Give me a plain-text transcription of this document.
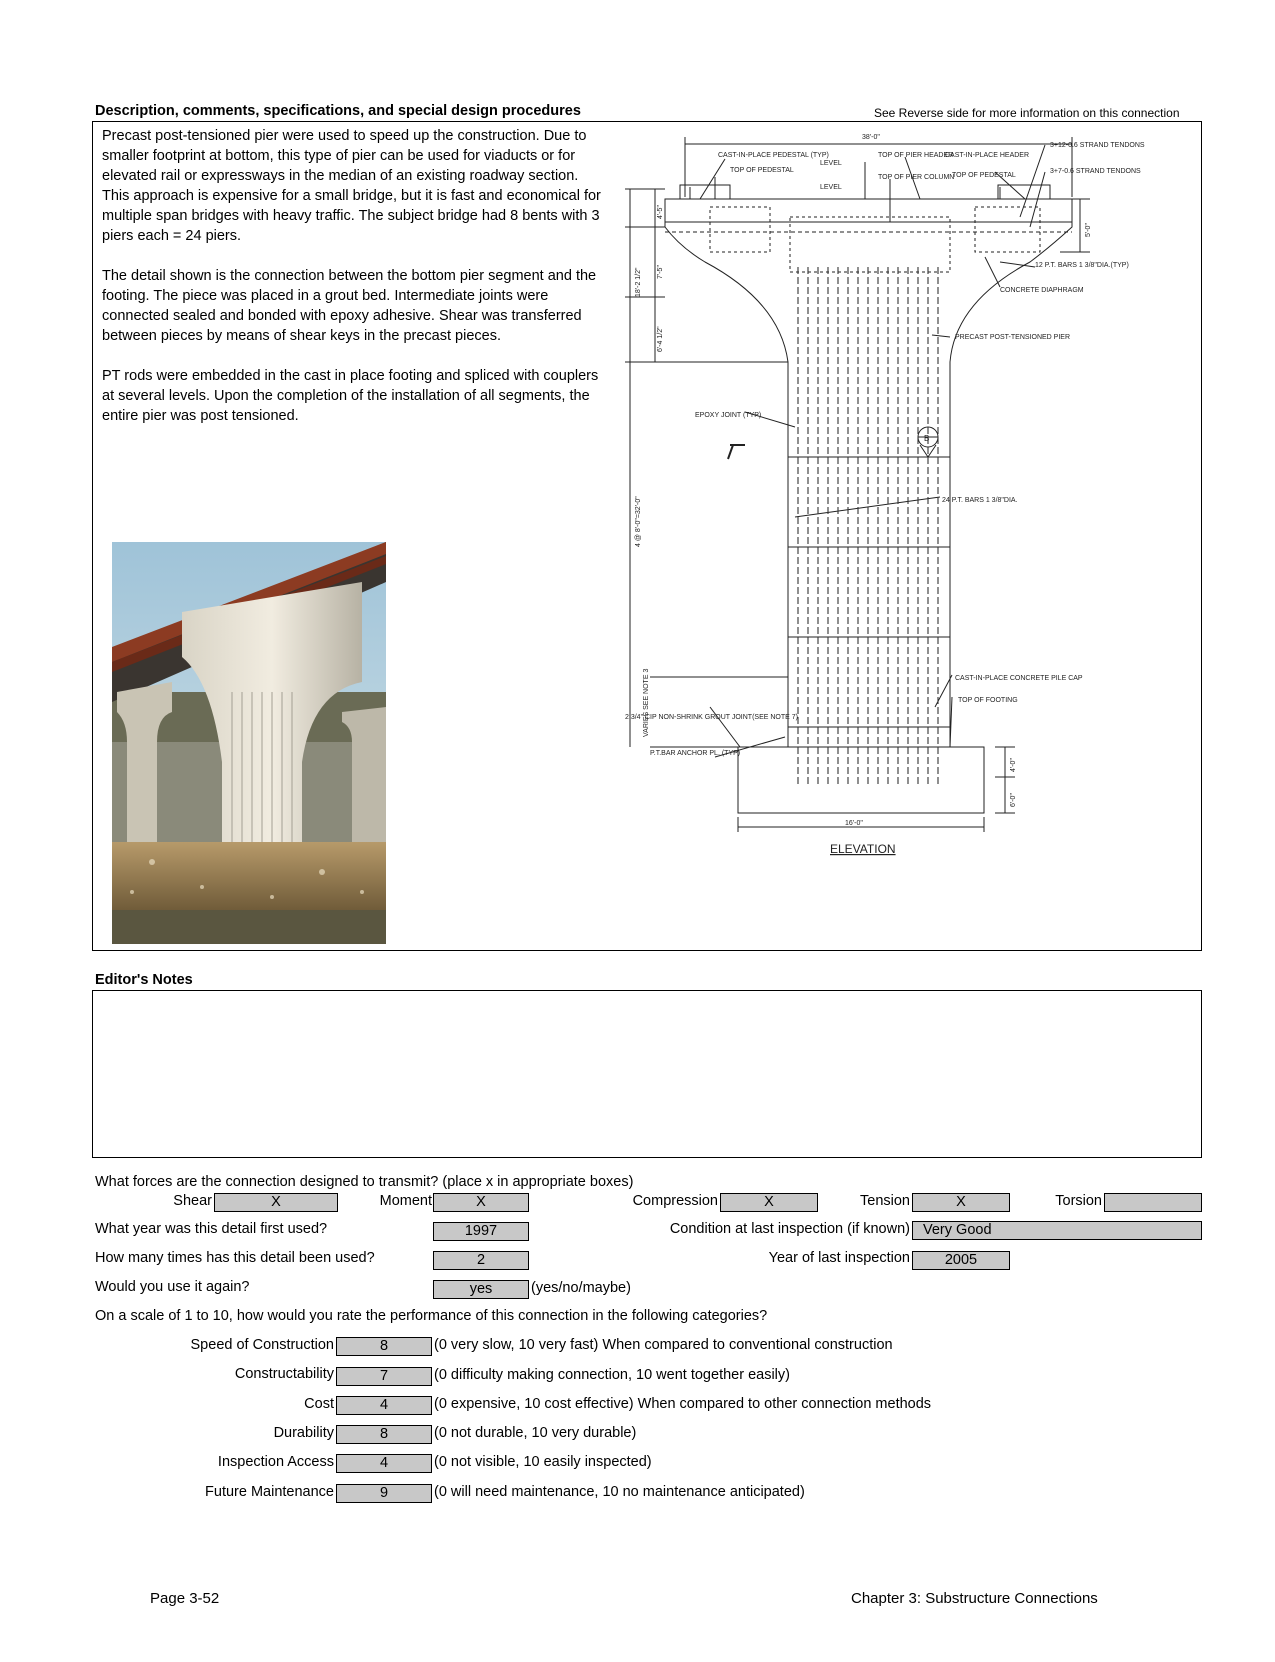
Description, comments, specifications, and special design procedures	See Reverse side for more information on this connection

Precast post-tensioned pier were used to speed up the construction. Due to smaller footprint at bottom, this type of pier can be used for viaducts or for elevated rail or expressways in the median of an existing roadway section. This approach is expensive for a small bridge, but it is fast and economical for multiple span bridges with heavy traffic. The subject bridge had 8 bents with 3 piers each = 24 piers.

The detail shown is the connection between the bottom pier segment and the footing. The piece was placed in a grout bed. Intermediate joints were connected sealed and bonded with epoxy adhesive. Shear was transferred between pieces by means of shear keys in the precast pieces.

PT rods were embedded in the cast in place footing and spliced with couplers at several levels. Upon the completion of the installation of all segments, the entire pier was post tensioned.

38'-0"
CAST-IN-PLACE PEDESTAL (TYP)
TOP OF PEDESTAL
LEVEL
LEVEL
TOP OF PIER HEADER
TOP OF PIER COLUMN
CAST-IN-PLACE HEADER
TOP OF PEDESTAL
3+12-0.6 STRAND TENDONS
3+7-0.6 STRAND TENDONS
12 P.T. BARS 1 3/8"DIA.(TYP)
CONCRETE DIAPHRAGM
PRECAST POST-TENSIONED PIER
EPOXY JOINT (TYP)
B
24 P.T. BARS 1 3/8"DIA.
CAST-IN-PLACE CONCRETE PILE CAP
TOP OF FOOTING
2 3/4" CIP NON-SHRINK GROUT JOINT(SEE NOTE 7)
P.T.BAR ANCHOR PL. (TYP)
16'-0"
4 @ 8'-0"=32'-0"
18'-2 1/2"
4'-5"
7'-5"
6'-4 1/2"
VARIES SEE NOTE 3
5'-0"
4'-0"
6'-0"
ELEVATION
Editor's Notes
What forces are the connection designed to transmit? (place x in appropriate boxes)
Shear	X	Moment	X	Compression	X	Tension	X	Torsion
What year was this detail first used?	1997	Condition at last inspection (if known) Very Good
How many times has this detail been used?	2	Year of last inspection	2005
Would you use it again?	yes	(yes/no/maybe)
On a scale of 1 to 10, how would you rate the performance of this connection in the following categories?
Speed of Construction	8	(0 very slow, 10 very fast) When compared to conventional construction
Constructability	7	(0 difficulty making connection, 10 went together easily)
Cost	4	(0 expensive, 10 cost effective) When compared to other connection methods
Durability	8	(0 not durable, 10 very durable)
Inspection Access	4	(0 not visible, 10 easily inspected)
Future Maintenance	9	(0 will need maintenance, 10 no maintenance anticipated)
Page 3-52	Chapter 3: Substructure Connections
